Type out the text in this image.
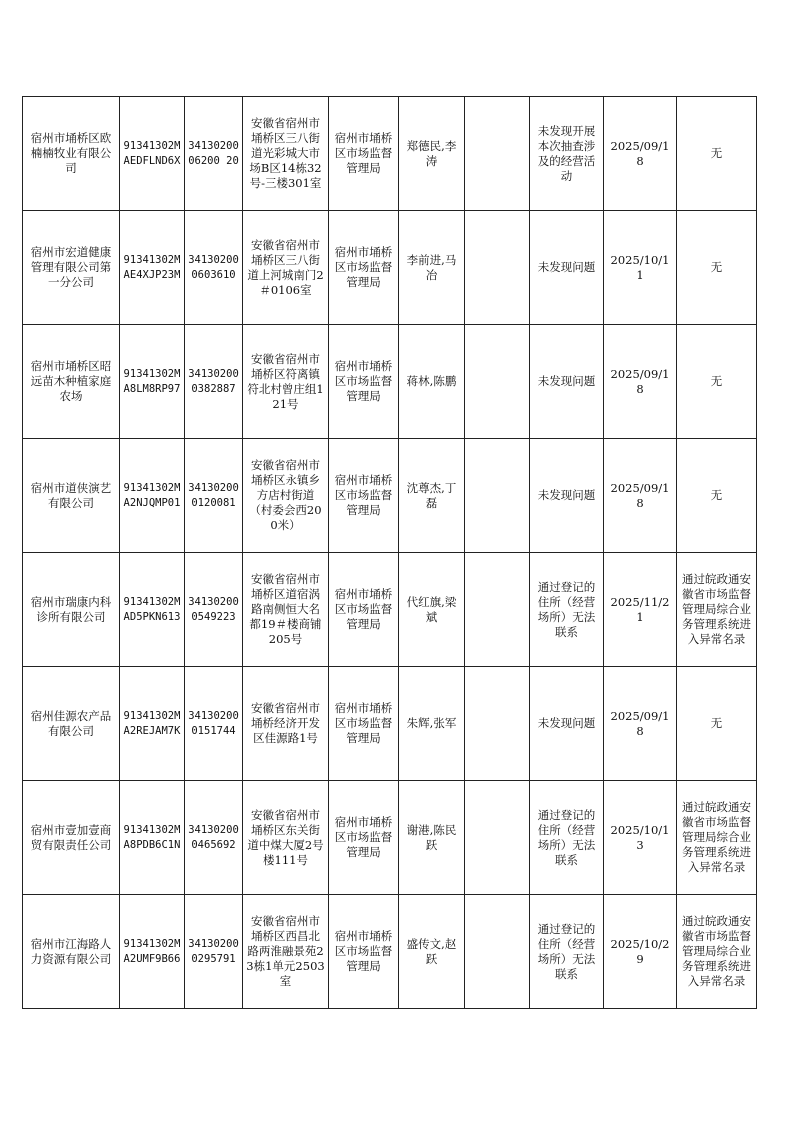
宿州市埇桥区欧楠楠牧业有限公司	91341302MAEDFLND6X	3413020006200 20	安徽省宿州市埇桥区三八街道光彩城大市场B区14栋32号-三楼301室	宿州市埇桥区市场监督管理局	郑德民,李涛		未发现开展本次抽查涉及的经营活动	2025/09/18	无
宿州市宏道健康管理有限公司第一分公司	91341302MAE4XJP23M	341302000603610	安徽省宿州市埇桥区三八街道上河城南门2＃0106室	宿州市埇桥区市场监督管理局	李前进,马冶		未发现问题	2025/10/11	无
宿州市埇桥区昭远苗木种植家庭农场	91341302MA8LM8RP97	341302000382887	安徽省宿州市埇桥区符离镇符北村曾庄组121号	宿州市埇桥区市场监督管理局	蒋林,陈鹏		未发现问题	2025/09/18	无
宿州市道侠演艺有限公司	91341302MA2NJQMP01	341302000120081	安徽省宿州市埇桥区永镇乡方店村街道（村委会西200米）	宿州市埇桥区市场监督管理局	沈尊杰,丁磊		未发现问题	2025/09/18	无
宿州市瑞康内科诊所有限公司	91341302MAD5PKN613	341302000549223	安徽省宿州市埇桥区道宿涡路南侧恒大名都19＃楼商铺205号	宿州市埇桥区市场监督管理局	代红旗,梁斌		通过登记的住所（经营场所）无法联系	2025/11/21	通过皖政通安徽省市场监督管理局综合业务管理系统进入异常名录
宿州佳源农产品有限公司	91341302MA2REJAM7K	341302000151744	安徽省宿州市埇桥经济开发区佳源路1号	宿州市埇桥区市场监督管理局	朱辉,张军		未发现问题	2025/09/18	无
宿州市壹加壹商贸有限责任公司	91341302MA8PDB6C1N	341302000465692	安徽省宿州市埇桥区东关街道中煤大厦2号楼111号	宿州市埇桥区市场监督管理局	谢港,陈民跃		通过登记的住所（经营场所）无法联系	2025/10/13	通过皖政通安徽省市场监督管理局综合业务管理系统进入异常名录
宿州市江海路人力资源有限公司	91341302MA2UMF9B66	341302000295791	安徽省宿州市埇桥区西昌北路两淮融景苑23栋1单元2503室	宿州市埇桥区市场监督管理局	盛传文,赵跃		通过登记的住所（经营场所）无法联系	2025/10/29	通过皖政通安徽省市场监督管理局综合业务管理系统进入异常名录
